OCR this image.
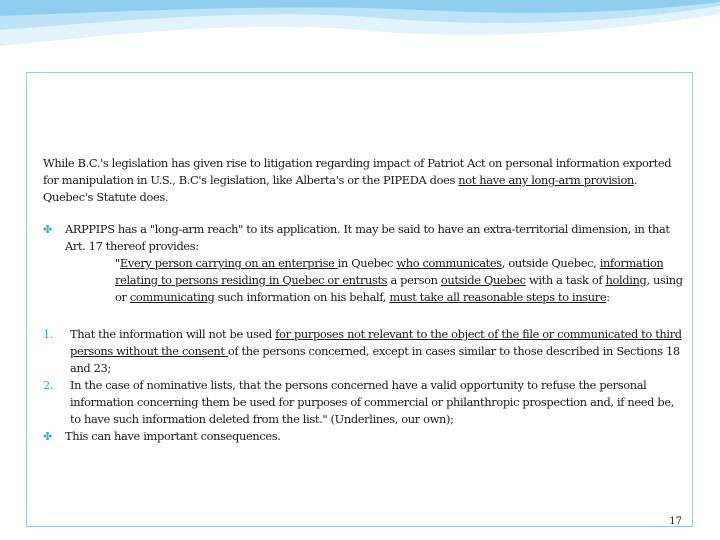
While B.C.'s legislation has given rise to litigation regarding impact of Patriot Act on personal information exported for manipulation in U.S., B.C's legislation, like Alberta's or the PIPEDA does not have any long-arm provision. Quebec's Statute does.

✤ ARPPIPS has a "long-arm reach" to its application. It may be said to have an extra-territorial dimension, in that Art. 17 thereof provides:

"Every person carrying on an enterprise in Quebec who communicates, outside Quebec, information relating to persons residing in Quebec or entrusts a person outside Quebec with a task of holding, using or communicating such information on his behalf, must take all reasonable steps to insure:

1. That the information will not be used for purposes not relevant to the object of the file or communicated to third persons without the consent of the persons concerned, except in cases similar to those described in Sections 18 and 23;

2. In the case of nominative lists, that the persons concerned have a valid opportunity to refuse the personal information concerning them be used for purposes of commercial or philanthropic prospection and, if need be, to have such information deleted from the list." (Underlines, our own);

✤ This can have important consequences.

17
